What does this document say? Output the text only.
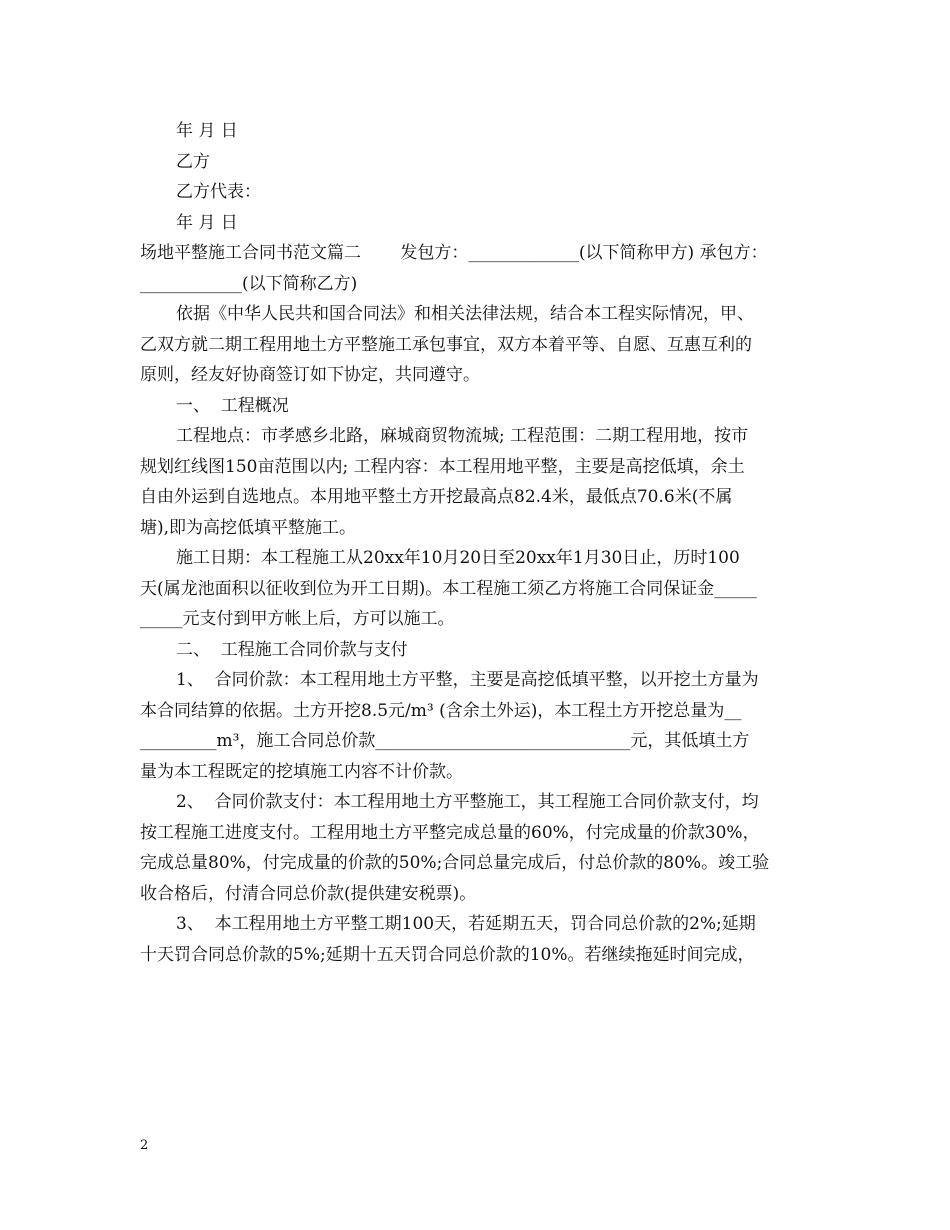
年 月 日
乙方
乙方代表：
年 月 日
场地平整施工合同书范文篇二　　 发包方：_____________(以下简称甲方) 承包方：
____________(以下简称乙方)
依据《中华人民共和国合同法》和相关法律法规，结合本工程实际情况，甲、
乙双方就二期工程用地土方平整施工承包事宜，双方本着平等、自愿、互惠互利的
原则，经友好协商签订如下协定，共同遵守。
一、  工程概况
工程地点：市孝感乡北路，麻城商贸物流城; 工程范围：二期工程用地，按市
规划红线图150亩范围以内; 工程内容：本工程用地平整，主要是高挖低填，余土
自由外运到自选地点。本用地平整土方开挖最高点82.4米，最低点70.6米(不属
塘),即为高挖低填平整施工。
施工日期：本工程施工从20xx年10月20日至20xx年1月30日止，历时100
天(属龙池面积以征收到位为开工日期)。本工程施工须乙方将施工合同保证金_____
_____元支付到甲方帐上后，方可以施工。
二、  工程施工合同价款与支付
1、  合同价款：本工程用地土方平整，主要是高挖低填平整，以开挖土方量为
本合同结算的依据。土方开挖8.5元/m³ (含余土外运)，本工程土方开挖总量为__
_________m³，施工合同总价款______________________________元，其低填土方
量为本工程既定的挖填施工内容不计价款。
2、  合同价款支付：本工程用地土方平整施工，其工程施工合同价款支付，均
按工程施工进度支付。工程用地土方平整完成总量的60%，付完成量的价款30%，
完成总量80%，付完成量的价款的50%;合同总量完成后，付总价款的80%。竣工验
收合格后，付清合同总价款(提供建安税票)。
3、  本工程用地土方平整工期100天，若延期五天，罚合同总价款的2%;延期
十天罚合同总价款的5%;延期十五天罚合同总价款的10%。若继续拖延时间完成，
2
